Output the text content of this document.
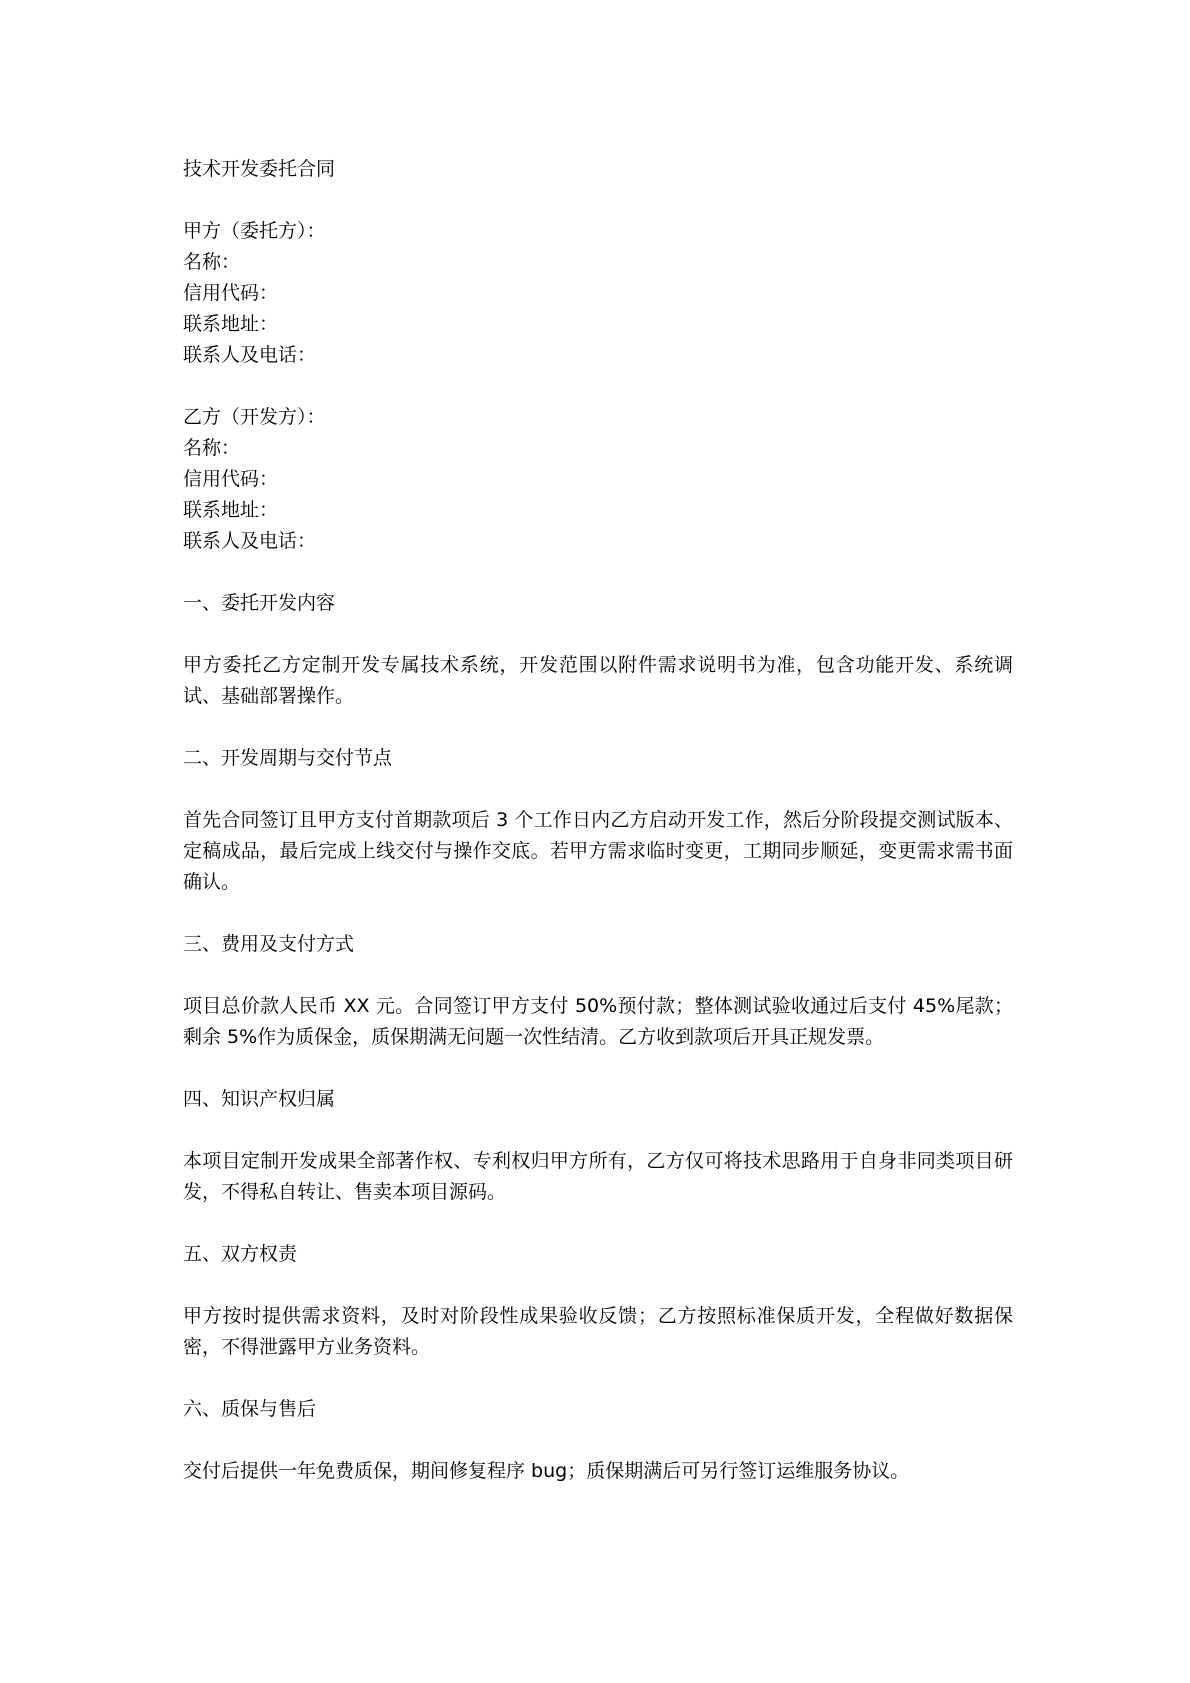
技术开发委托合同
甲方（委托方）：
名称：
信用代码：
联系地址：
联系人及电话：
乙方（开发方）：
名称：
信用代码：
联系地址：
联系人及电话：
一、委托开发内容

甲方委托乙方定制开发专属技术系统，开发范围以附件需求说明书为准，包含功能开发、系统调试、基础部署操作。

二、开发周期与交付节点

首先合同签订且甲方支付首期款项后 3 个工作日内乙方启动开发工作，然后分阶段提交测试版本、定稿成品，最后完成上线交付与操作交底。若甲方需求临时变更，工期同步顺延，变更需求需书面确认。

三、费用及支付方式

项目总价款人民币 XX 元。合同签订甲方支付 50%预付款；整体测试验收通过后支付 45%尾款；剩余 5%作为质保金，质保期满无问题一次性结清。乙方收到款项后开具正规发票。

四、知识产权归属

本项目定制开发成果全部著作权、专利权归甲方所有，乙方仅可将技术思路用于自身非同类项目研发，不得私自转让、售卖本项目源码。

五、双方权责

甲方按时提供需求资料，及时对阶段性成果验收反馈；乙方按照标准保质开发，全程做好数据保密，不得泄露甲方业务资料。

六、质保与售后

交付后提供一年免费质保，期间修复程序 bug；质保期满后可另行签订运维服务协议。
